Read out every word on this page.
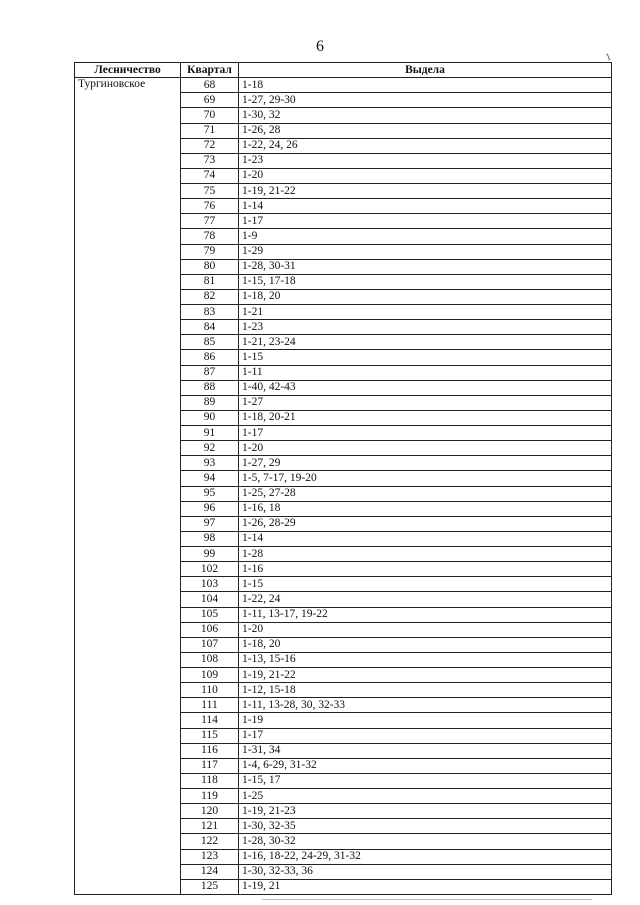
6
1
Лесничество	Квартал	Выдела
Тургиновское	68	1-18
	69	1-27, 29-30
	70	1-30, 32
	71	1-26, 28
	72	1-22, 24, 26
	73	1-23
	74	1-20
	75	1-19, 21-22
	76	1-14
	77	1-17
	78	1-9
	79	1-29
	80	1-28, 30-31
	81	1-15, 17-18
	82	1-18, 20
	83	1-21
	84	1-23
	85	1-21, 23-24
	86	1-15
	87	1-11
	88	1-40, 42-43
	89	1-27
	90	1-18, 20-21
	91	1-17
	92	1-20
	93	1-27, 29
	94	1-5, 7-17, 19-20
	95	1-25, 27-28
	96	1-16, 18
	97	1-26, 28-29
	98	1-14
	99	1-28
	102	1-16
	103	1-15
	104	1-22, 24
	105	1-11, 13-17, 19-22
	106	1-20
	107	1-18, 20
	108	1-13, 15-16
	109	1-19, 21-22
	110	1-12, 15-18
	111	1-11, 13-28, 30, 32-33
	114	1-19
	115	1-17
	116	1-31, 34
	117	1-4, 6-29, 31-32
	118	1-15, 17
	119	1-25
	120	1-19, 21-23
	121	1-30, 32-35
	122	1-28, 30-32
	123	1-16, 18-22, 24-29, 31-32
	124	1-30, 32-33, 36
	125	1-19, 21
